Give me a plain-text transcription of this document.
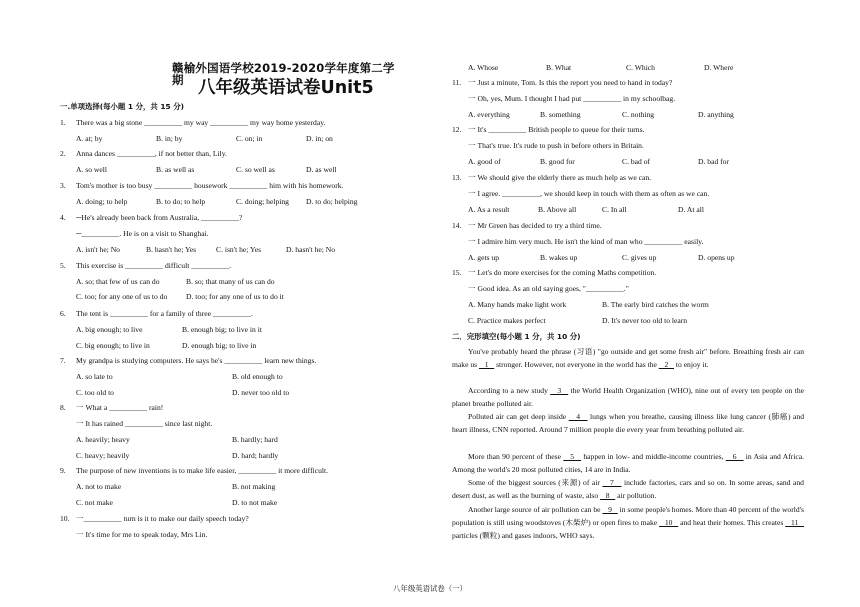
赣榆外国语学校2019-2020学年度第二学期 八年级英语试卷Unit5
一.单项选择(每小题 1 分，共 15 分)
1. There was a big stone __________ my way __________ my way home yesterday.
A. at; by	B. in; by	C. on; in	D. in; on
2. Anna dances __________, if not better than, Lily.
A. so well	B. as well as	C. so well as	D. as well
3. Tom's mother is too busy __________ housework __________ him with his homework.
A. doing; to help	B. to do; to help	C. doing; helping D. to do; helping
4. ─He's already been back from Australia, __________?
─__________. He is on a visit to Shanghai.
A. isn't he; No	B. hasn't he; Yes	C. isn't he; Yes	D. hasn't he; No
5. This exercise is __________ difficult __________.
A. so; that few of us can do	B. so; that many of us can do
C. too; for any one of us to do D. too; for any one of us to do it
6. The tent is __________ for a family of three __________.
A. big enough; to live	B. enough big; to live in it
C. big enough; to live in	D. enough big; to live in
7. My grandpa is studying computers. He says he's __________ learn new things.
A. so late to	B. old enough to
C. too old to	D. never too old to
8. 一 What a __________ rain!
一 It has rained __________ since last night.
A. heavily; heavy	B. hardly; hard
C. heavy; heavily	D. hard; hardly
9. The purpose of new inventions is to make life easier, __________ it more difficult.
A. not to make	B. not making
C. not make	D. to not make
10. 一__________ turn is it to make our daily speech today?
一 It's time for me to speak today, Mrs Lin.
A. Whose	B. What	C. Which	D. Where
11. 一 Just a minute, Tom. Is this the report you need to hand in today?
一 Oh, yes, Mum. I thought I had put __________ in my schoolbag.
A. everything	B. something	C. nothing	D. anything
12. 一 It's __________ British people to queue for their turns.
一 That's true. It's rude to push in before others in Britain.
A. good of	B. good for	C. bad of	D. bad for
13. 一 We should give the elderly there as much help as we can.
一 I agree. __________, we should keep in touch with them as often as we can.
A. As a result	B. Above all	C. In all	D. At all
14. 一 Mr Green has decided to try a third time.
一 I admire him very much. He isn't the kind of man who __________ easily.
A. gets up	B. wakes up	C. gives up	D. opens up
15. 一 Let's do more exercises for the coming Maths competition.
一 Good idea. As an old saying goes, "__________."
A. Many hands make light work	B. The early bird catches the worm
C. Practice makes perfect	D. It's never too old to learn
二．完形填空(每小题 1 分，共 10 分)
You've probably heard the phrase (习语) "go outside and get some fresh air" before. Breathing fresh air can make us    1    stronger. However, not everyone in the world has the    2    to enjoy it.
According to a new study    3    the World Health Organization (WHO), nine out of every ten people on the planet breathe polluted air.
Polluted air can get deep inside    4    lungs when you breathe, causing illness like lung cancer (肺癌) and heart illness, CNN reported. Around 7 million people die every year from breathing polluted air.
More than 90 percent of these    5    happen in low- and middle-income countries,    6    in Asia and Africa. Among the world's 20 most polluted cities, 14 are in India.
Some of the biggest sources (来源) of air    7    include factories, cars and so on. In some areas, sand and desert dust, as well as the burning of waste, also    8    air pollution.
Another large source of air pollution can be    9    in some people's homes. More than 40 percent of the world's population is still using woodstoves (木柴炉) or open fires to make    10    and heat their homes. This creates    11    particles (颗粒) and gases indoors, WHO says.
八年级英语试卷（一）
